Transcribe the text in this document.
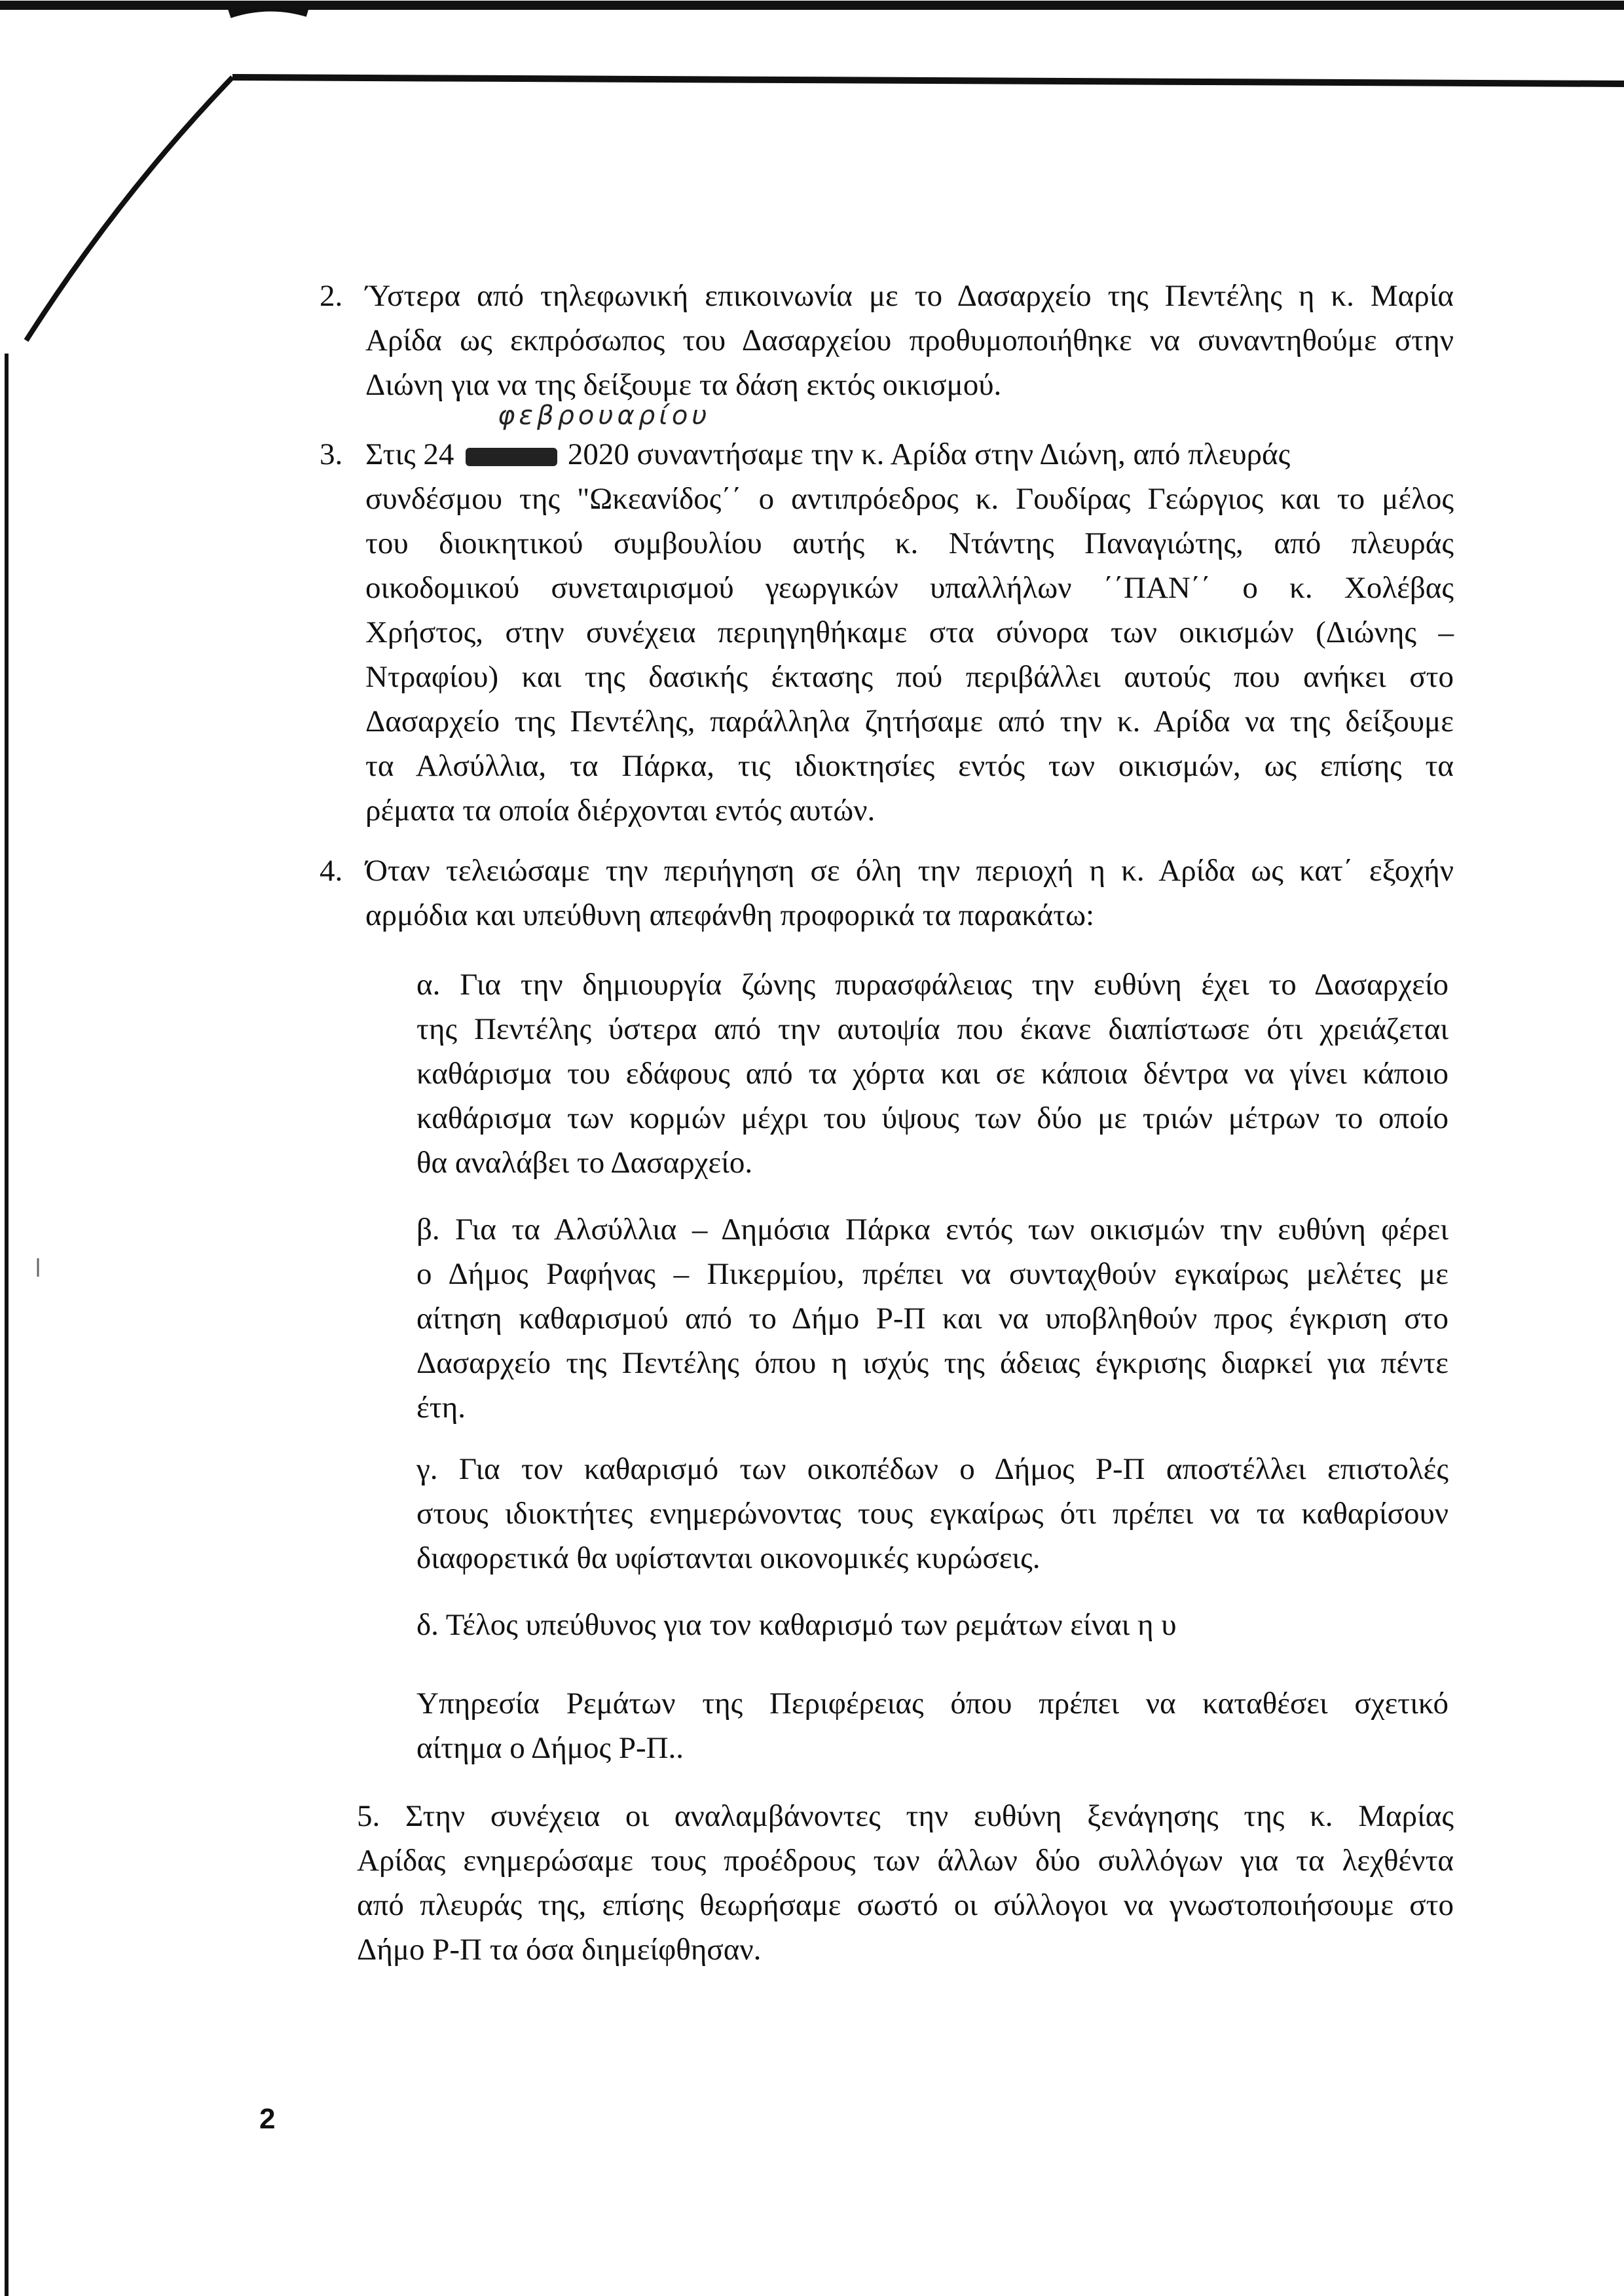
2. Ύστερα από τηλεφωνική επικοινωνία με το Δασαρχείο της Πεντέλης η κ. Μαρία
Αρίδα ως εκπρόσωπος του Δασαρχείου προθυμοποιήθηκε να συναντηθούμε στην
Διώνη για να της δείξουμε τα δάση εκτός οικισμού.
3. Στις 24	2020 συναντήσαμε την κ. Αρίδα στην Διώνη, από πλευράς
φεβρουαρίου
συνδέσμου της "Ωκεανίδος΄΄ ο αντιπρόεδρος κ. Γουδίρας Γεώργιος και το μέλος
του διοικητικού συμβουλίου αυτής κ. Ντάντης Παναγιώτης, από πλευράς
οικοδομικού συνεταιρισμού γεωργικών υπαλλήλων ΄΄ΠΑΝ΄΄ ο κ. Χολέβας
Χρήστος, στην συνέχεια περιηγηθήκαμε στα σύνορα των οικισμών (Διώνης –
Ντραφίου) και της δασικής έκτασης πού περιβάλλει αυτούς που ανήκει στο
Δασαρχείο της Πεντέλης, παράλληλα ζητήσαμε από την κ. Αρίδα να της δείξουμε
τα Αλσύλλια, τα Πάρκα, τις ιδιοκτησίες εντός των οικισμών, ως επίσης τα
ρέματα τα οποία διέρχονται εντός αυτών.
4. Όταν τελειώσαμε την περιήγηση σε όλη την περιοχή η κ. Αρίδα ως κατ΄ εξοχήν
αρμόδια και υπεύθυνη απεφάνθη προφορικά τα παρακάτω:
α. Για την δημιουργία ζώνης πυρασφάλειας την ευθύνη έχει το Δασαρχείο
της Πεντέλης ύστερα από την αυτοψία που έκανε διαπίστωσε ότι χρειάζεται
καθάρισμα του εδάφους από τα χόρτα και σε κάποια δέντρα να γίνει κάποιο
καθάρισμα των κορμών μέχρι του ύψους των δύο με τριών μέτρων το οποίο
θα αναλάβει το Δασαρχείο.
β. Για τα Αλσύλλια – Δημόσια Πάρκα εντός των οικισμών την ευθύνη φέρει
ο Δήμος Ραφήνας – Πικερμίου, πρέπει να συνταχθούν εγκαίρως μελέτες με
αίτηση καθαρισμού από το Δήμο Ρ-Π και να υποβληθούν προς έγκριση στο
Δασαρχείο της Πεντέλης όπου η ισχύς της άδειας έγκρισης διαρκεί για πέντε
έτη.
γ. Για τον καθαρισμό των οικοπέδων ο Δήμος Ρ-Π αποστέλλει επιστολές
στους ιδιοκτήτες ενημερώνοντας τους εγκαίρως ότι πρέπει να τα καθαρίσουν
διαφορετικά θα υφίστανται οικονομικές κυρώσεις.
δ. Τέλος υπεύθυνος για τον καθαρισμό των ρεμάτων είναι η υ
Υπηρεσία Ρεμάτων της Περιφέρειας όπου πρέπει να καταθέσει σχετικό
αίτημα ο Δήμος Ρ-Π..
5. Στην συνέχεια οι αναλαμβάνοντες την ευθύνη ξενάγησης της κ. Μαρίας
Αρίδας ενημερώσαμε τους προέδρους των άλλων δύο συλλόγων για τα λεχθέντα
από πλευράς της, επίσης θεωρήσαμε σωστό οι σύλλογοι να γνωστοποιήσουμε στο
Δήμο Ρ-Π τα όσα διημείφθησαν.
2
